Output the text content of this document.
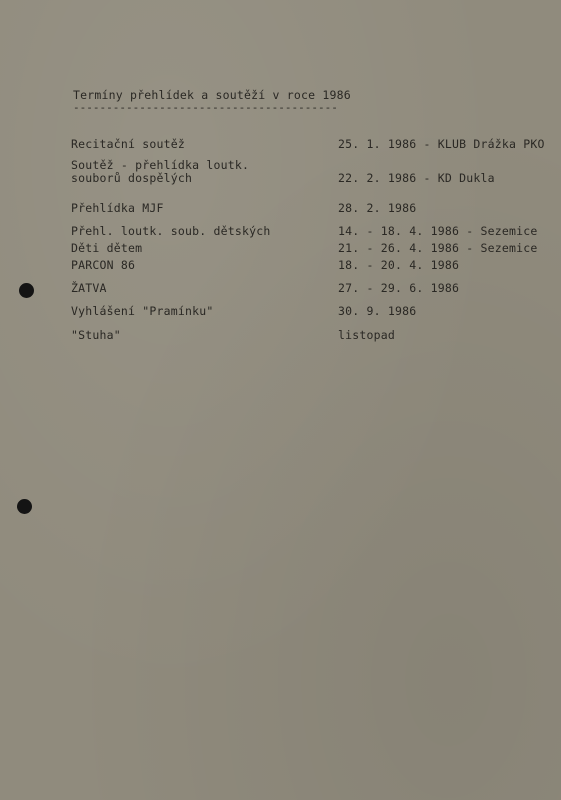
Termíny přehlídek a soutěží v roce 1986
----------------------------------------
Recitační soutěž	25. 1. 1986 - KLUB Drážka PKO
Soutěž - přehlídka loutk.
souborů dospělých	22. 2. 1986 - KD Dukla
Přehlídka MJF	28. 2. 1986
Přehl. loutk. soub. dětských	14. - 18. 4. 1986 - Sezemice
Děti dětem	21. - 26. 4. 1986 - Sezemice
PARCON 86	18. - 20. 4. 1986
ŽATVA	27. - 29. 6. 1986
Vyhlášení "Pramínku"	30. 9. 1986
"Stuha"	listopad
